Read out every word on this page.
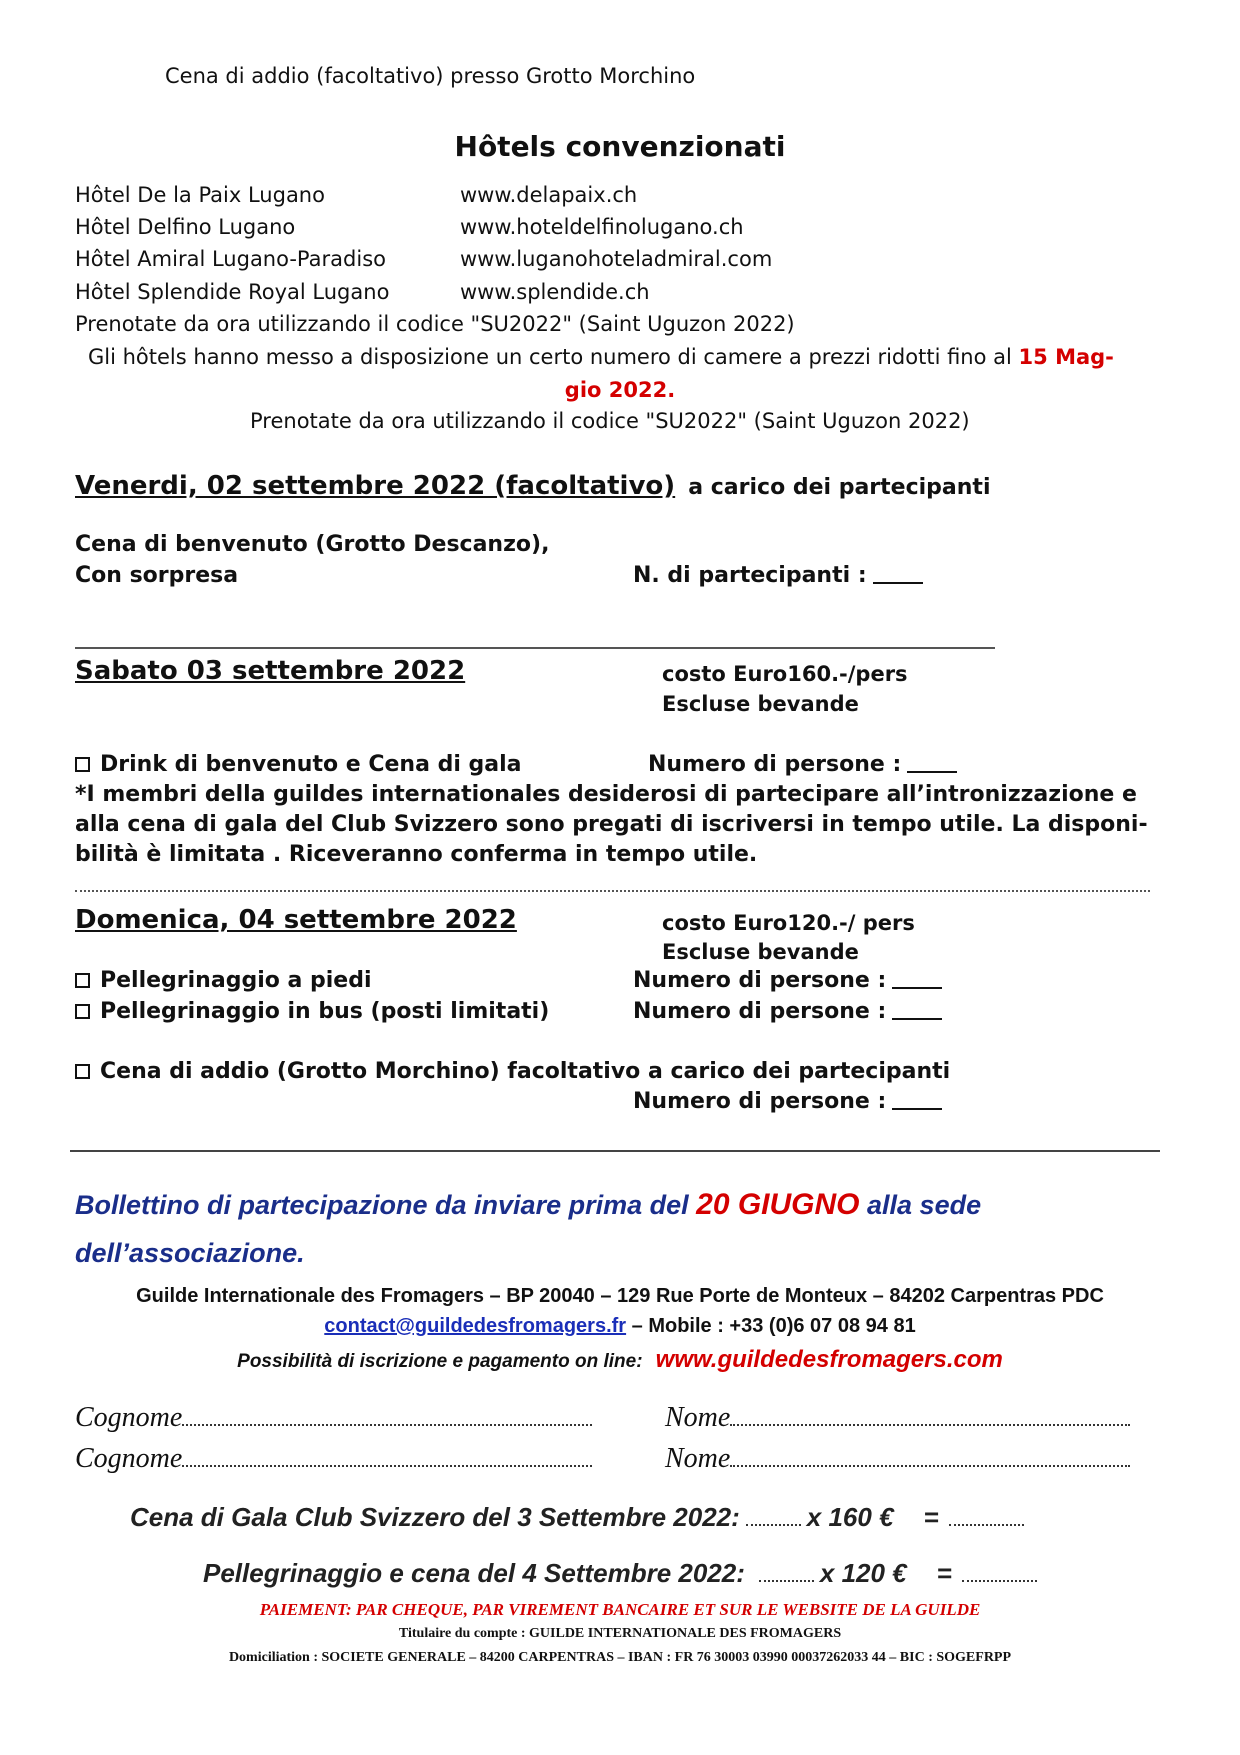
Cena di addio (facoltativo) presso Grotto Morchino
Hôtels convenzionati
Hôtel De la Paix Lugano	www.delapaix.ch
Hôtel Delfino Lugano	www.hoteldelfinolugano.ch
Hôtel Amiral Lugano-Paradiso	www.luganohoteladmiral.com
Hôtel Splendide Royal Lugano	www.splendide.ch
Prenotate da ora utilizzando il codice "SU2022" (Saint Uguzon 2022)
Gli hôtels hanno messo a disposizione un certo numero di camere a prezzi ridotti fino al 15 Mag-
gio 2022.
Prenotate da ora utilizzando il codice "SU2022" (Saint Uguzon 2022)
Venerdi, 02 settembre 2022 (facoltativo) a carico dei partecipanti
Cena di benvenuto (Grotto Descanzo),
Con sorpresa	N. di partecipanti :
Sabato 03 settembre 2022	costo Euro160.-/pers
Escluse bevande
Drink di benvenuto e Cena di gala	Numero di persone :
*I membri della guildes internationales desiderosi di partecipare all’intronizzazione e
alla cena di gala del Club Svizzero sono pregati di iscriversi in tempo utile. La disponi-
bilità è limitata . Riceveranno conferma in tempo utile.
Domenica, 04 settembre 2022	costo Euro120.-/ pers
Escluse bevande
Pellegrinaggio a piedi	Numero di persone :
Pellegrinaggio in bus (posti limitati)	Numero di persone :
Cena di addio (Grotto Morchino) facoltativo a carico dei partecipanti
Numero di persone :
Bollettino di partecipazione da inviare prima del 20 GIUGNO alla sede
dell’associazione.
Guilde Internationale des Fromagers – BP 20040 – 129 Rue Porte de Monteux – 84202 Carpentras PDC
contact@guildedesfromagers.fr – Mobile : +33 (0)6 07 08 94 81
Possibilità di iscrizione e pagamento on line: www.guildedesfromagers.com
Cognome	Nome
Cognome	Nome
Cena di Gala Club Svizzero del 3 Settembre 2022:	x 160 € =
Pellegrinaggio e cena del 4 Settembre 2022:	x 120 € =
PAIEMENT: PAR CHEQUE, PAR VIREMENT BANCAIRE ET SUR LE WEBSITE DE LA GUILDE
Titulaire du compte : GUILDE INTERNATIONALE DES FROMAGERS
Domiciliation : SOCIETE GENERALE – 84200 CARPENTRAS – IBAN : FR 76 30003 03990 00037262033 44 – BIC : SOGEFRPP
